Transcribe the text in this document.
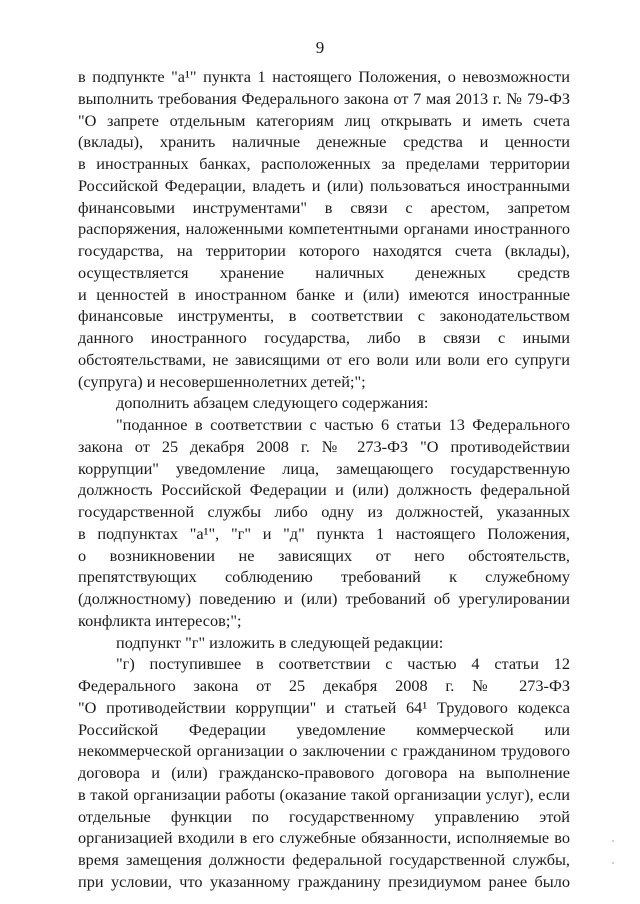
9
в подпункте "а¹" пункта 1 настоящего Положения, о невозможности
выполнить требования Федерального закона от 7 мая 2013 г. № 79-ФЗ
"О запрете отдельным категориям лиц открывать и иметь счета
(вклады), хранить наличные денежные средства и ценности
в иностранных банках, расположенных за пределами территории
Российской Федерации, владеть и (или) пользоваться иностранными
финансовыми инструментами" в связи с арестом, запретом
распоряжения, наложенными компетентными органами иностранного
государства, на территории которого находятся счета (вклады),
осуществляется хранение наличных денежных средств
и ценностей в иностранном банке и (или) имеются иностранные
финансовые инструменты, в соответствии с законодательством
данного иностранного государства, либо в связи с иными
обстоятельствами, не зависящими от его воли или воли его супруги
(супруга) и несовершеннолетних детей;";
дополнить абзацем следующего содержания:
"поданное в соответствии с частью 6 статьи 13 Федерального
закона от 25 декабря 2008 г. № 273-ФЗ "О противодействии
коррупции" уведомление лица, замещающего государственную
должность Российской Федерации и (или) должность федеральной
государственной службы либо одну из должностей, указанных
в подпунктах "а¹", "г" и "д" пункта 1 настоящего Положения,
о возникновении не зависящих от него обстоятельств,
препятствующих соблюдению требований к служебному
(должностному) поведению и (или) требований об урегулировании
конфликта интересов;";
подпункт "г" изложить в следующей редакции:
"г) поступившее в соответствии с частью 4 статьи 12
Федерального закона от 25 декабря 2008 г. № 273-ФЗ
"О противодействии коррупции" и статьей 64¹ Трудового кодекса
Российской Федерации уведомление коммерческой или
некоммерческой организации о заключении с гражданином трудового
договора и (или) гражданско-правового договора на выполнение
в такой организации работы (оказание такой организации услуг), если
отдельные функции по государственному управлению этой
организацией входили в его служебные обязанности, исполняемые во
время замещения должности федеральной государственной службы,
при условии, что указанному гражданину президиумом ранее было
